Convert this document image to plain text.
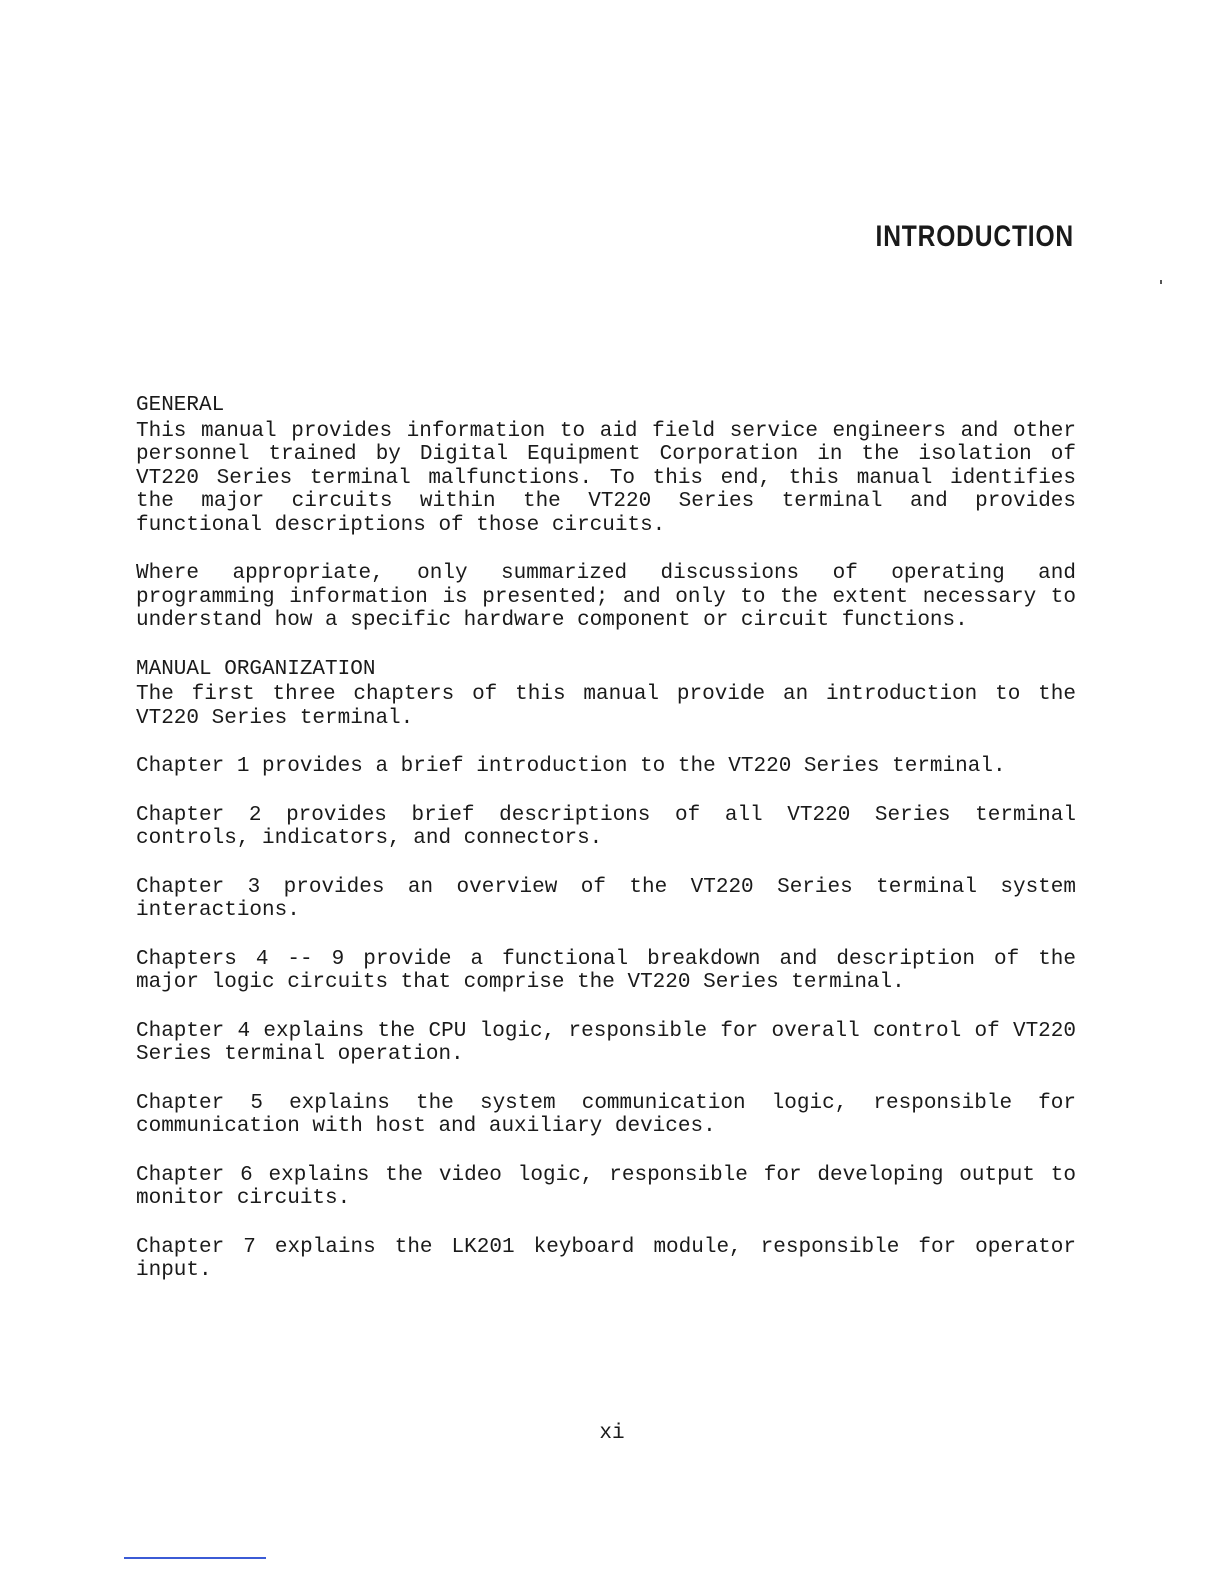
INTRODUCTION
GENERAL

This manual provides information to aid field service engineers and other personnel trained by Digital Equipment Corporation in the isolation of VT220 Series terminal malfunctions. To this end, this manual identifies the major circuits within the VT220 Series terminal and provides functional descriptions of those circuits.

Where appropriate, only summarized discussions of operating and programming information is presented; and only to the extent necessary to understand how a specific hardware component or circuit functions.

MANUAL ORGANIZATION

The first three chapters of this manual provide an introduction to the VT220 Series terminal.

Chapter 1 provides a brief introduction to the VT220 Series terminal.

Chapter 2 provides brief descriptions of all VT220 Series terminal controls, indicators, and connectors.

Chapter 3 provides an overview of the VT220 Series terminal system interactions.

Chapters 4 -- 9 provide a functional breakdown and description of the major logic circuits that comprise the VT220 Series terminal.

Chapter 4 explains the CPU logic, responsible for overall control of VT220 Series terminal operation.

Chapter 5 explains the system communication logic, responsible for communication with host and auxiliary devices.

Chapter 6 explains the video logic, responsible for developing output to monitor circuits.

Chapter 7 explains the LK201 keyboard module, responsible for operator input.

xi
